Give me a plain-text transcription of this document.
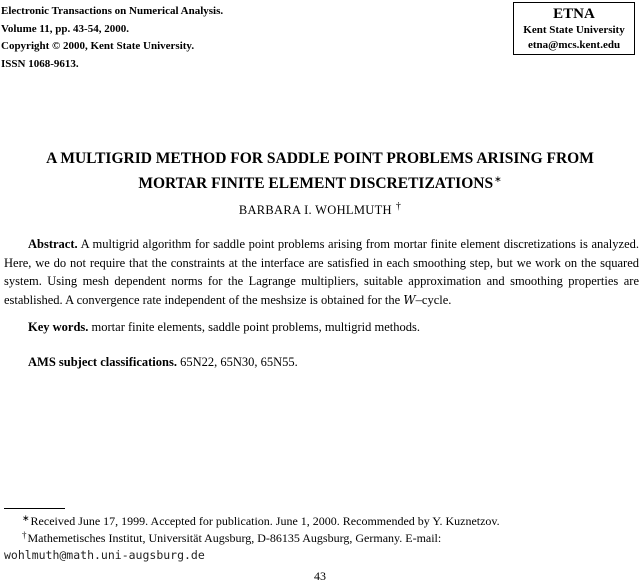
Electronic Transactions on Numerical Analysis.
Volume 11, pp. 43-54, 2000.
Copyright © 2000, Kent State University.
ISSN 1068-9613.
ETNA
Kent State University
etna@mcs.kent.edu
A MULTIGRID METHOD FOR SADDLE POINT PROBLEMS ARISING FROM
MORTAR FINITE ELEMENT DISCRETIZATIONS∗
BARBARA I. WOHLMUTH †

Abstract. A multigrid algorithm for saddle point problems arising from mortar finite element discretizations is analyzed. Here, we do not require that the constraints at the interface are satisfied in each smoothing step, but we work on the squared system. Using mesh dependent norms for the Lagrange multipliers, suitable approximation and smoothing properties are established. A convergence rate independent of the meshsize is obtained for the W–cycle.

Key words. mortar finite elements, saddle point problems, multigrid methods.
AMS subject classifications. 65N22, 65N30, 65N55.
∗Received June 17, 1999. Accepted for publication. June 1, 2000. Recommended by Y. Kuznetzov.
†Mathemetisches Institut, Universität Augsburg, D-86135 Augsburg, Germany. E-mail:
wohlmuth@math.uni-augsburg.de
43
